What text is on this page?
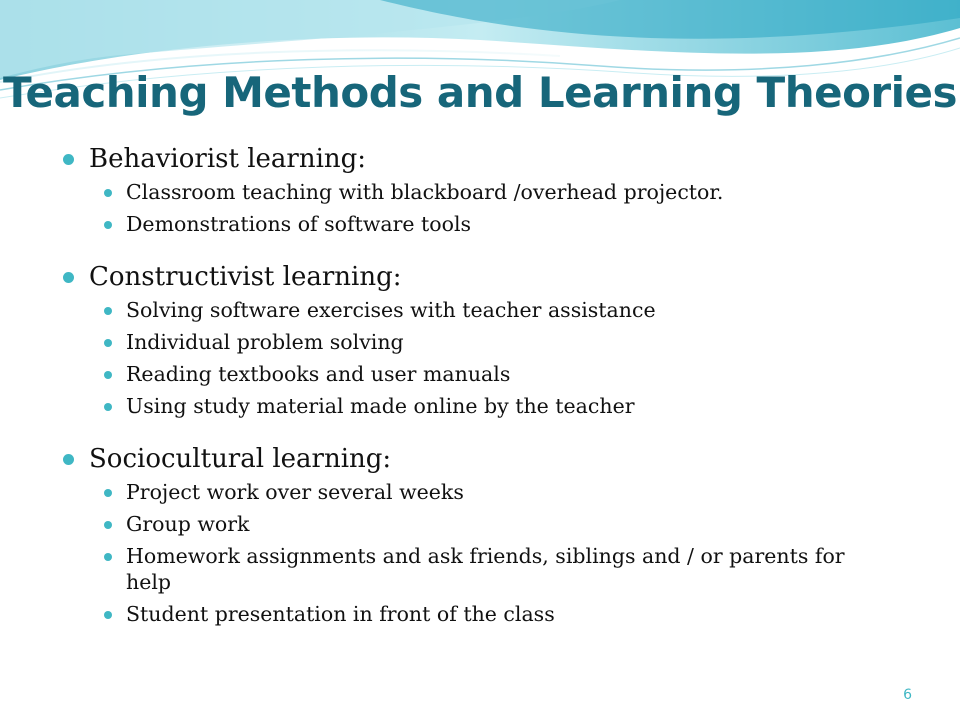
Teaching Methods and Learning Theories
Behaviorist learning:
Classroom teaching with blackboard /overhead projector.
Demonstrations of software tools
Constructivist learning:
Solving software exercises with teacher assistance
Individual problem solving
Reading textbooks and user manuals
Using study material made online by the teacher
Sociocultural learning:
Project work over several weeks
Group work
Homework assignments and ask friends, siblings and / or parents for help
Student presentation in front of the class
6
